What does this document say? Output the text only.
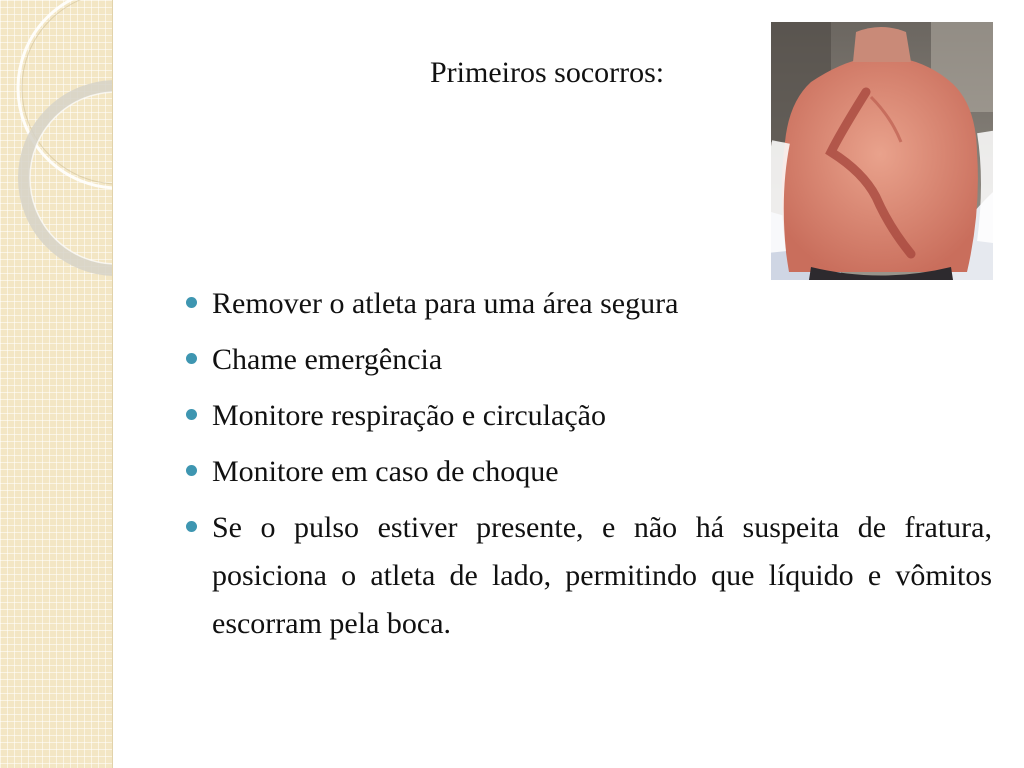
Primeiros socorros:
Remover o atleta para uma área segura
Chame emergência
Monitore respiração e circulação
Monitore em caso de choque
Se o pulso estiver presente, e não há suspeita de fratura, posiciona o atleta de lado, permitindo que líquido e vômitos escorram pela boca.
